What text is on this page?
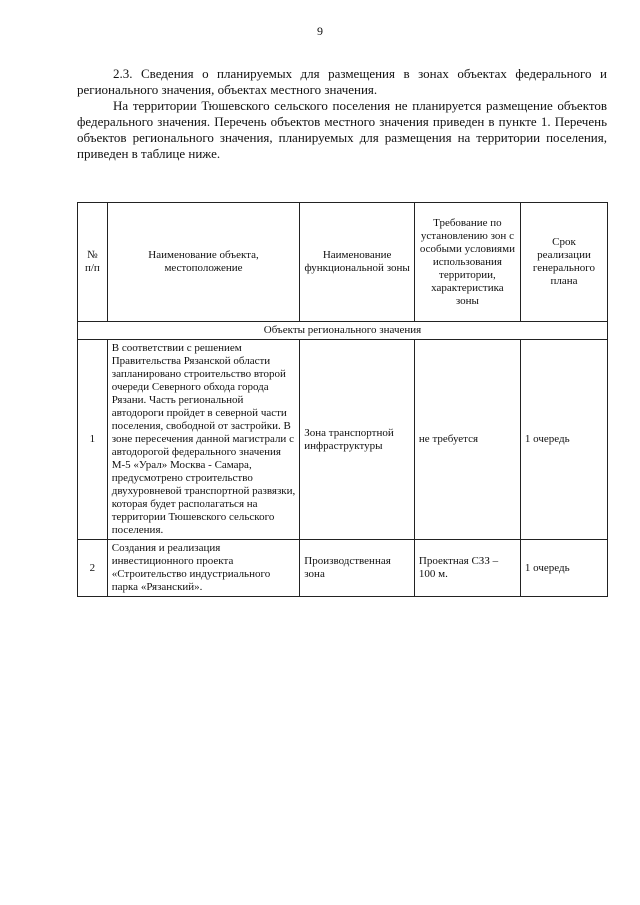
9

2.3. Сведения о планируемых для размещения в зонах объектах федерального и регионального значения, объектах местного значения.

На территории Тюшевского сельского поселения не планируется размещение объектов федерального значения. Перечень объектов местного значения приведен в пункте 1. Перечень объектов регионального значения, планируемых для размещения на территории поселения, приведен в таблице ниже.

№ п/п	Наименование объекта, местоположение	Наименование функциональной зоны	Требование по установлению зон с особыми условиями использования территории, характеристика зоны	Срок реализации генерального плана
Объекты регионального значения				
1	В соответствии с решением Правительства Рязанской области запланировано строительство второй очереди Северного обхода города Рязани. Часть региональной автодороги пройдет в северной части поселения, свободной от застройки. В зоне пересечения данной магистрали с автодорогой федерального значения М-5 «Урал» Москва - Самара, предусмотрено строительство двухуровневой транспортной развязки, которая будет располагаться на территории Тюшевского сельского поселения.	Зона транспортной инфраструктуры	не требуется	1 очередь
2	Создания и реализация инвестиционного проекта «Строительство индустриального парка «Рязанский».	Производственная зона	Проектная СЗЗ – 100 м.	1 очередь
